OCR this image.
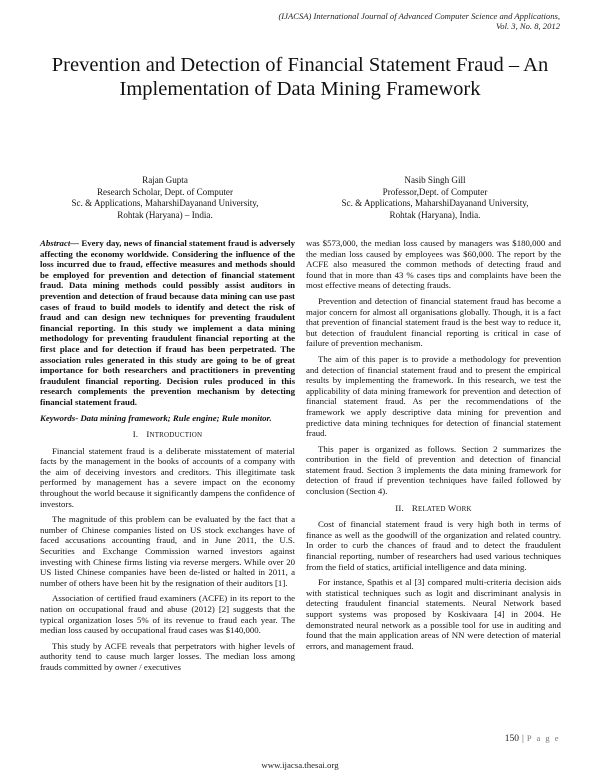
(IJACSA) International Journal of Advanced Computer Science and Applications,
Vol. 3, No. 8, 2012
Prevention and Detection of Financial Statement Fraud – An Implementation of Data Mining Framework
Rajan Gupta
Research Scholar, Dept. of Computer
Sc. & Applications, MaharshiDayanand University,
Rohtak (Haryana) – India.
Nasib Singh Gill
Professor,Dept. of Computer
Sc. & Applications, MaharshiDayanand University,
Rohtak (Haryana), India.

Abstract— Every day, news of financial statement fraud is adversely affecting the economy worldwide. Considering the influence of the loss incurred due to fraud, effective measures and methods should be employed for prevention and detection of financial statement fraud. Data mining methods could possibly assist auditors in prevention and detection of fraud because data mining can use past cases of fraud to build models to identify and detect the risk of fraud and can design new techniques for preventing fraudulent financial reporting. In this study we implement a data mining methodology for preventing fraudulent financial reporting at the first place and for detection if fraud has been perpetrated. The association rules generated in this study are going to be of great importance for both researchers and practitioners in preventing fraudulent financial reporting. Decision rules produced in this research complements the prevention mechanism by detecting financial statement fraud.

Keywords- Data mining framework; Rule engine; Rule monitor.

I. INTRODUCTION

Financial statement fraud is a deliberate misstatement of material facts by the management in the books of accounts of a company with the aim of deceiving investors and creditors. This illegitimate task performed by management has a severe impact on the economy throughout the world because it significantly dampens the confidence of investors.

The magnitude of this problem can be evaluated by the fact that a number of Chinese companies listed on US stock exchanges have of faced accusations accounting fraud, and in June 2011, the U.S. Securities and Exchange Commission warned investors against investing with Chinese firms listing via reverse mergers. While over 20 US listed Chinese companies have been de-listed or halted in 2011, a number of others have been hit by the resignation of their auditors [1].

Association of certified fraud examiners (ACFE) in its report to the nation on occupational fraud and abuse (2012) [2] suggests that the typical organization loses 5% of its revenue to fraud each year. The median loss caused by occupational fraud cases was $140,000.

This study by ACFE reveals that perpetrators with higher levels of authority tend to cause much larger losses. The median loss among frauds committed by owner / executives

was $573,000, the median loss caused by managers was $180,000 and the median loss caused by employees was $60,000. The report by the ACFE also measured the common methods of detecting fraud and found that in more than 43 % cases tips and complaints have been the most effective means of detecting frauds.

Prevention and detection of financial statement fraud has become a major concern for almost all organisations globally. Though, it is a fact that prevention of financial statement fraud is the best way to reduce it, but detection of fraudulent financial reporting is critical in case of failure of prevention mechanism.

The aim of this paper is to provide a methodology for prevention and detection of financial statement fraud and to present the empirical results by implementing the framework. In this research, we test the applicability of data mining framework for prevention and detection of financial statement fraud. As per the recommendations of the framework we apply descriptive data mining for prevention and predictive data mining techniques for detection of financial statement fraud.

This paper is organized as follows. Section 2 summarizes the contribution in the field of prevention and detection of financial statement fraud. Section 3 implements the data mining framework for detection of fraud if prevention techniques have failed followed by conclusion (Section 4).

II. RELATED WORK

Cost of financial statement fraud is very high both in terms of finance as well as the goodwill of the organization and related country. In order to curb the chances of fraud and to detect the fraudulent financial reporting, number of researchers had used various techniques from the field of statics, artificial intelligence and data mining.

For instance, Spathis et al [3] compared multi-criteria decision aids with statistical techniques such as logit and discriminant analysis in detecting fraudulent financial statements. Neural Network based support systems was proposed by Koskivaara [4] in 2004. He demonstrated neural network as a possible tool for use in auditing and found that the main application areas of NN were detection of material errors, and management fraud.

150 | P a g e
www.ijacsa.thesai.org
